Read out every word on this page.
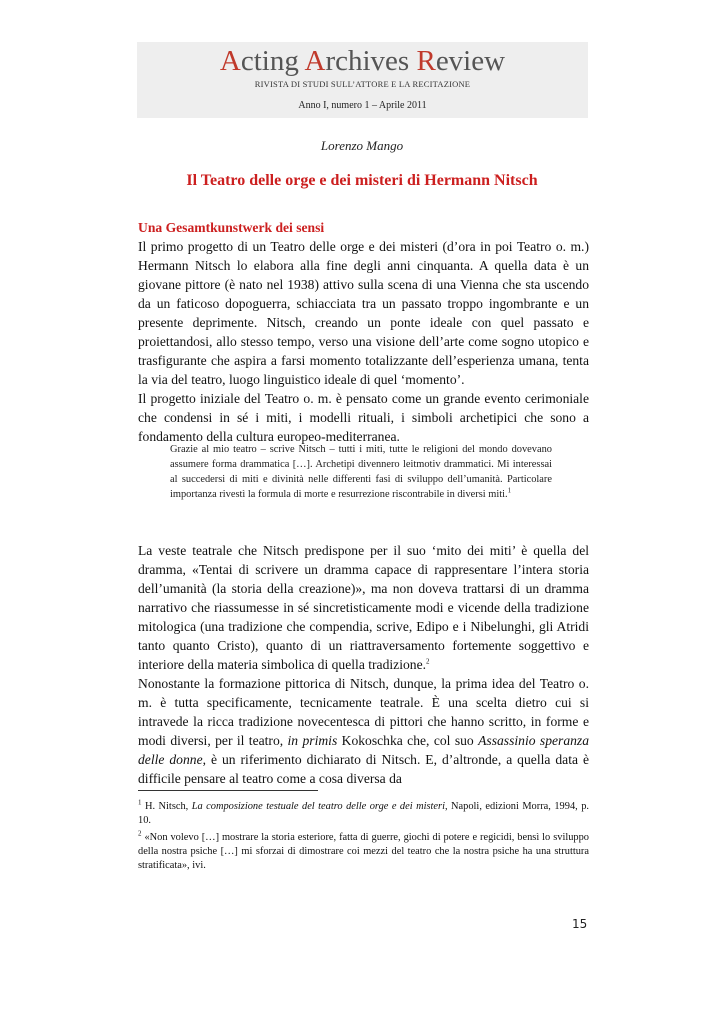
Acting Archives Review
RIVISTA DI STUDI SULL’ATTORE E LA RECITAZIONE
Anno I, numero 1 – Aprile 2011
Lorenzo Mango
Il Teatro delle orge e dei misteri di Hermann Nitsch
Una Gesamtkunstwerk dei sensi

Il primo progetto di un Teatro delle orge e dei misteri (d’ora in poi Teatro o. m.) Hermann Nitsch lo elabora alla fine degli anni cinquanta. A quella data è un giovane pittore (è nato nel 1938) attivo sulla scena di una Vienna che sta uscendo da un faticoso dopoguerra, schiacciata tra un passato troppo ingombrante e un presente deprimente. Nitsch, creando un ponte ideale con quel passato e proiettandosi, allo stesso tempo, verso una visione dell’arte come sogno utopico e trasfigurante che aspira a farsi momento totalizzante dell’esperienza umana, tenta la via del teatro, luogo linguistico ideale di quel ‘momento’.

Il progetto iniziale del Teatro o. m. è pensato come un grande evento cerimoniale che condensi in sé i miti, i modelli rituali, i simboli archetipici che sono a fondamento della cultura europeo-mediterranea.

Grazie al mio teatro – scrive Nitsch – tutti i miti, tutte le religioni del mondo dovevano assumere forma drammatica […]. Archetipi divennero leitmotiv drammatici. Mi interessai al succedersi di miti e divinità nelle differenti fasi di sviluppo dell’umanità. Particolare importanza rivestì la formula di morte e resurrezione riscontrabile in diversi miti.$^1$

La veste teatrale che Nitsch predispone per il suo ‘mito dei miti’ è quella del dramma, «Tentai di scrivere un dramma capace di rappresentare l’intera storia dell’umanità (la storia della creazione)», ma non doveva trattarsi di un dramma narrativo che riassumesse in sé sincretisticamente modi e vicende della tradizione mitologica (una tradizione che compendia, scrive, Edipo e i Nibelunghi, gli Atridi tanto quanto Cristo), quanto di un riattraversamento fortemente soggettivo e interiore della materia simbolica di quella tradizione.$^2$

Nonostante la formazione pittorica di Nitsch, dunque, la prima idea del Teatro o. m. è tutta specificamente, tecnicamente teatrale. È una scelta dietro cui si intravede la ricca tradizione novecentesca di pittori che hanno scritto, in forme e modi diversi, per il teatro, in primis Kokoschka che, col suo Assassinio speranza delle donne, è un riferimento dichiarato di Nitsch. E, d’altronde, a quella data è difficile pensare al teatro come a cosa diversa da

$^1$ H. Nitsch, La composizione testuale del teatro delle orge e dei misteri, Napoli, edizioni Morra, 1994, p. 10.

$^2$ «Non volevo […] mostrare la storia esteriore, fatta di guerre, giochi di potere e regicidi, bensì lo sviluppo della nostra psiche […] mi sforzai di dimostrare coi mezzi del teatro che la nostra psiche ha una struttura stratificata», ivi.

15
